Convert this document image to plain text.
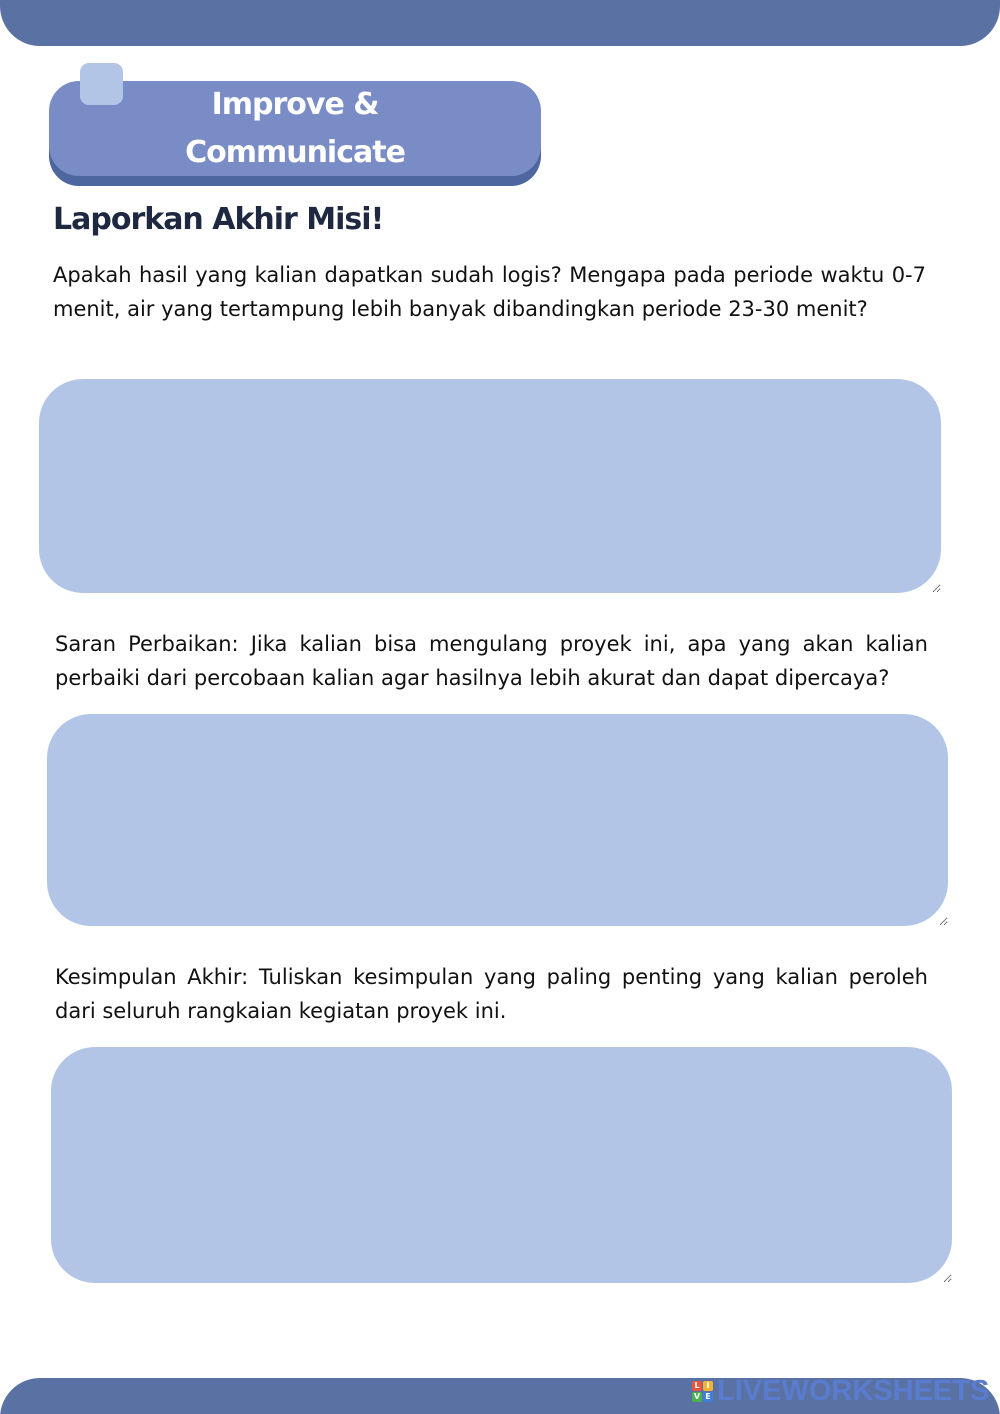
Improve &
Communicate
Laporkan Akhir Misi!
Apakah hasil yang kalian dapatkan sudah logis? Mengapa pada periode waktu 0-7 menit, air yang tertampung lebih banyak dibandingkan periode 23-30 menit?
Saran Perbaikan: Jika kalian bisa mengulang proyek ini, apa yang akan kalian perbaiki dari percobaan kalian agar hasilnya lebih akurat dan dapat dipercaya?
Kesimpulan Akhir: Tuliskan kesimpulan yang paling penting yang kalian peroleh dari seluruh rangkaian kegiatan proyek ini.
L I
V E LIVEWORKSHEETS
